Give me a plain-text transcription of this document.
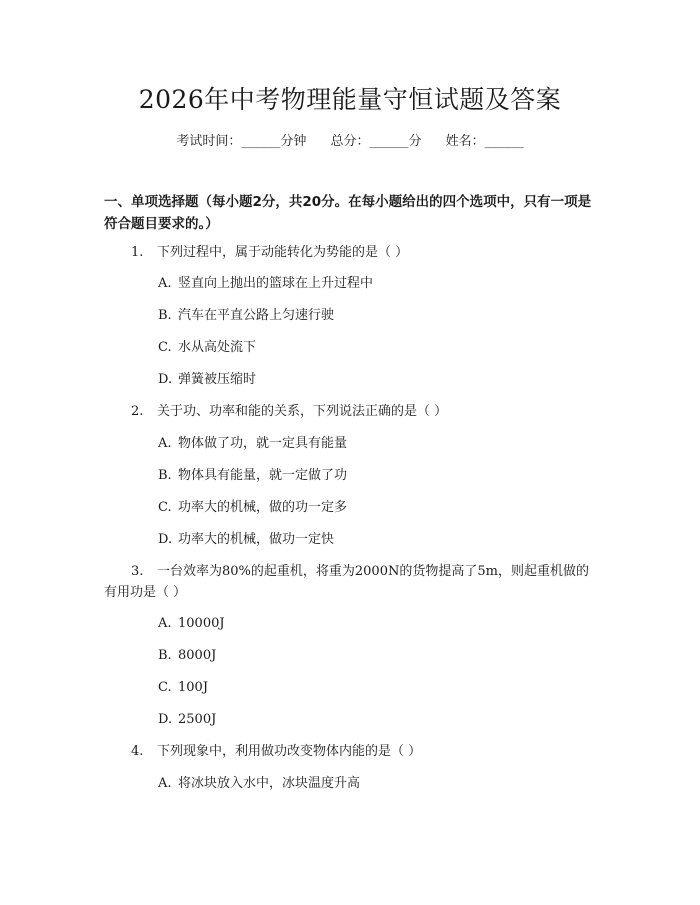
2026年中考物理能量守恒试题及答案
考试时间：______分钟 总分：______分 姓名：______
一、单项选择题（每小题2分，共20分。在每小题给出的四个选项中，只有一项是符合题目要求的。）
1. 下列过程中，属于动能转化为势能的是（ ）
A. 竖直向上抛出的篮球在上升过程中
B. 汽车在平直公路上匀速行驶
C. 水从高处流下
D. 弹簧被压缩时
2. 关于功、功率和能的关系，下列说法正确的是（ ）
A. 物体做了功，就一定具有能量
B. 物体具有能量，就一定做了功
C. 功率大的机械，做的功一定多
D. 功率大的机械，做功一定快
3. 一台效率为80%的起重机，将重为2000N的货物提高了5m，则起重机做的
有用功是（ ）
A. 10000J
B. 8000J
C. 100J
D. 2500J
4. 下列现象中，利用做功改变物体内能的是（ ）
A. 将冰块放入水中，冰块温度升高
